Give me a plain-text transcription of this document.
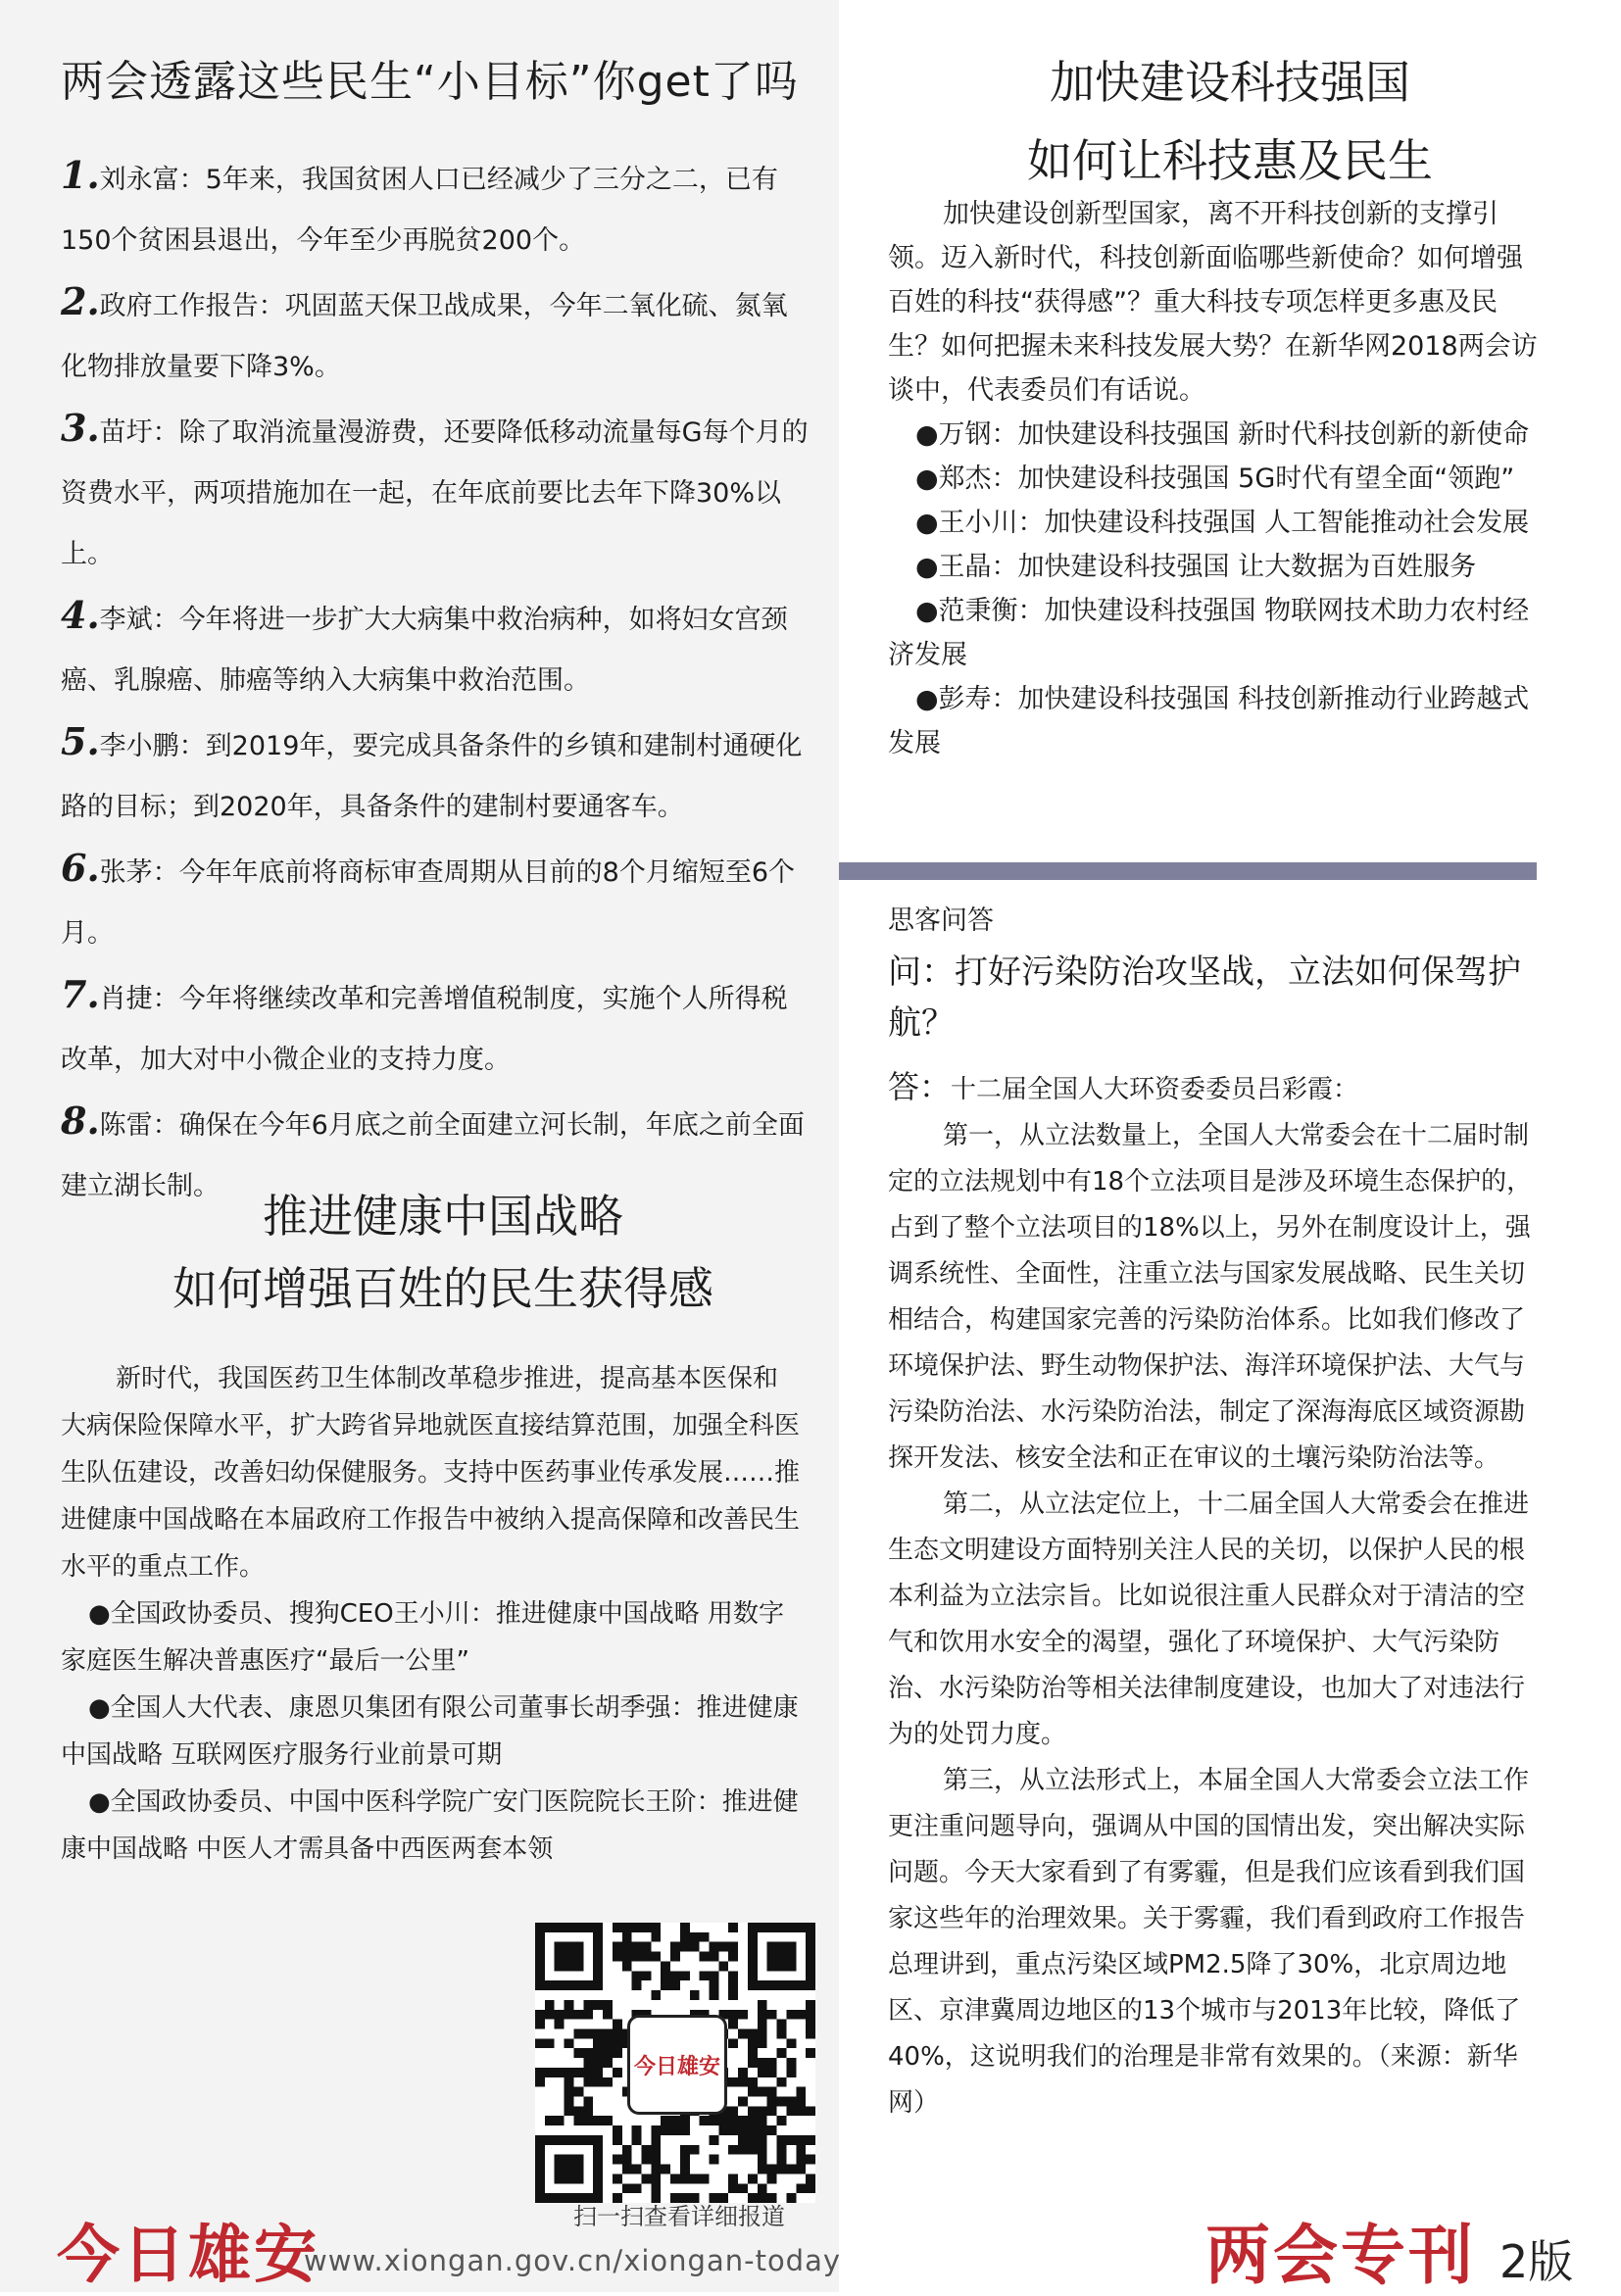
两会透露这些民生“小目标”你get了吗

1.刘永富：5年来，我国贫困人口已经减少了三分之二，已有150个贫困县退出，今年至少再脱贫200个。

2.政府工作报告：巩固蓝天保卫战成果，今年二氧化硫、氮氧化物排放量要下降3%。

3.苗圩：除了取消流量漫游费，还要降低移动流量每G每个月的资费水平，两项措施加在一起，在年底前要比去年下降30%以上。

4.李斌：今年将进一步扩大大病集中救治病种，如将妇女宫颈癌、乳腺癌、肺癌等纳入大病集中救治范围。

5.李小鹏：到2019年，要完成具备条件的乡镇和建制村通硬化路的目标；到2020年，具备条件的建制村要通客车。

6.张茅：今年年底前将商标审查周期从目前的8个月缩短至6个月。

7.肖捷：今年将继续改革和完善增值税制度，实施个人所得税改革，加大对中小微企业的支持力度。

8.陈雷：确保在今年6月底之前全面建立河长制，年底之前全面建立湖长制。

推进健康中国战略
如何增强百姓的民生获得感

新时代，我国医药卫生体制改革稳步推进，提高基本医保和大病保险保障水平，扩大跨省异地就医直接结算范围，加强全科医生队伍建设，改善妇幼保健服务。支持中医药事业传承发展……推进健康中国战略在本届政府工作报告中被纳入提高保障和改善民生水平的重点工作。

●全国政协委员、搜狗CEO王小川：推进健康中国战略 用数字家庭医生解决普惠医疗“最后一公里”

●全国人大代表、康恩贝集团有限公司董事长胡季强：推进健康中国战略 互联网医疗服务行业前景可期

●全国政协委员、中国中医科学院广安门医院院长王阶：推进健康中国战略 中医人才需具备中西医两套本领

今日雄安
扫一扫查看详细报道
今日雄安
www.xiongan.gov.cn/xiongan-today	两会专刊 2版
加快建设科技强国
如何让科技惠及民生

加快建设创新型国家，离不开科技创新的支撑引领。迈入新时代，科技创新面临哪些新使命？如何增强百姓的科技“获得感”？重大科技专项怎样更多惠及民生？如何把握未来科技发展大势？在新华网2018两会访谈中，代表委员们有话说。

●万钢：加快建设科技强国 新时代科技创新的新使命

●郑杰：加快建设科技强国 5G时代有望全面“领跑”

●王小川：加快建设科技强国 人工智能推动社会发展

●王晶：加快建设科技强国 让大数据为百姓服务

●范秉衡：加快建设科技强国 物联网技术助力农村经济发展

●彭寿：加快建设科技强国 科技创新推动行业跨越式发展

思客问答
问：打好污染防治攻坚战，立法如何保驾护航？

答：十二届全国人大环资委委员吕彩霞：

第一，从立法数量上，全国人大常委会在十二届时制定的立法规划中有18个立法项目是涉及环境生态保护的，占到了整个立法项目的18%以上，另外在制度设计上，强调系统性、全面性，注重立法与国家发展战略、民生关切相结合，构建国家完善的污染防治体系。比如我们修改了环境保护法、野生动物保护法、海洋环境保护法、大气与污染防治法、水污染防治法，制定了深海海底区域资源勘探开发法、核安全法和正在审议的土壤污染防治法等。

第二，从立法定位上，十二届全国人大常委会在推进生态文明建设方面特别关注人民的关切，以保护人民的根本利益为立法宗旨。比如说很注重人民群众对于清洁的空气和饮用水安全的渴望，强化了环境保护、大气污染防治、水污染防治等相关法律制度建设，也加大了对违法行为的处罚力度。

第三，从立法形式上，本届全国人大常委会立法工作更注重问题导向，强调从中国的国情出发，突出解决实际问题。今天大家看到了有雾霾，但是我们应该看到我们国家这些年的治理效果。关于雾霾，我们看到政府工作报告总理讲到，重点污染区域PM2.5降了30%，北京周边地区、京津冀周边地区的13个城市与2013年比较，降低了40%，这说明我们的治理是非常有效果的。（来源：新华网）
